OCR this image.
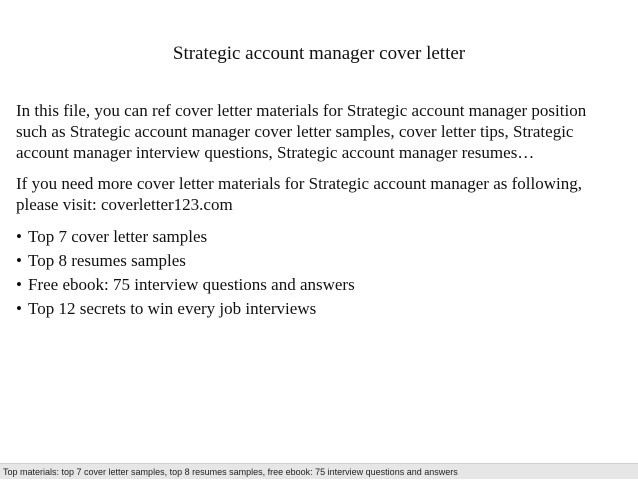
Strategic account manager cover letter

In this file, you can ref cover letter materials for Strategic account manager position
such as Strategic account manager cover letter samples, cover letter tips, Strategic
account manager interview questions, Strategic account manager resumes…

If you need more cover letter materials for Strategic account manager as following,
please visit: coverletter123.com

• Top 7 cover letter samples
• Top 8 resumes samples
• Free ebook: 75 interview questions and answers
• Top 12 secrets to win every job interviews
Top materials: top 7 cover letter samples, top 8 resumes samples, free ebook: 75 interview questions and answers
